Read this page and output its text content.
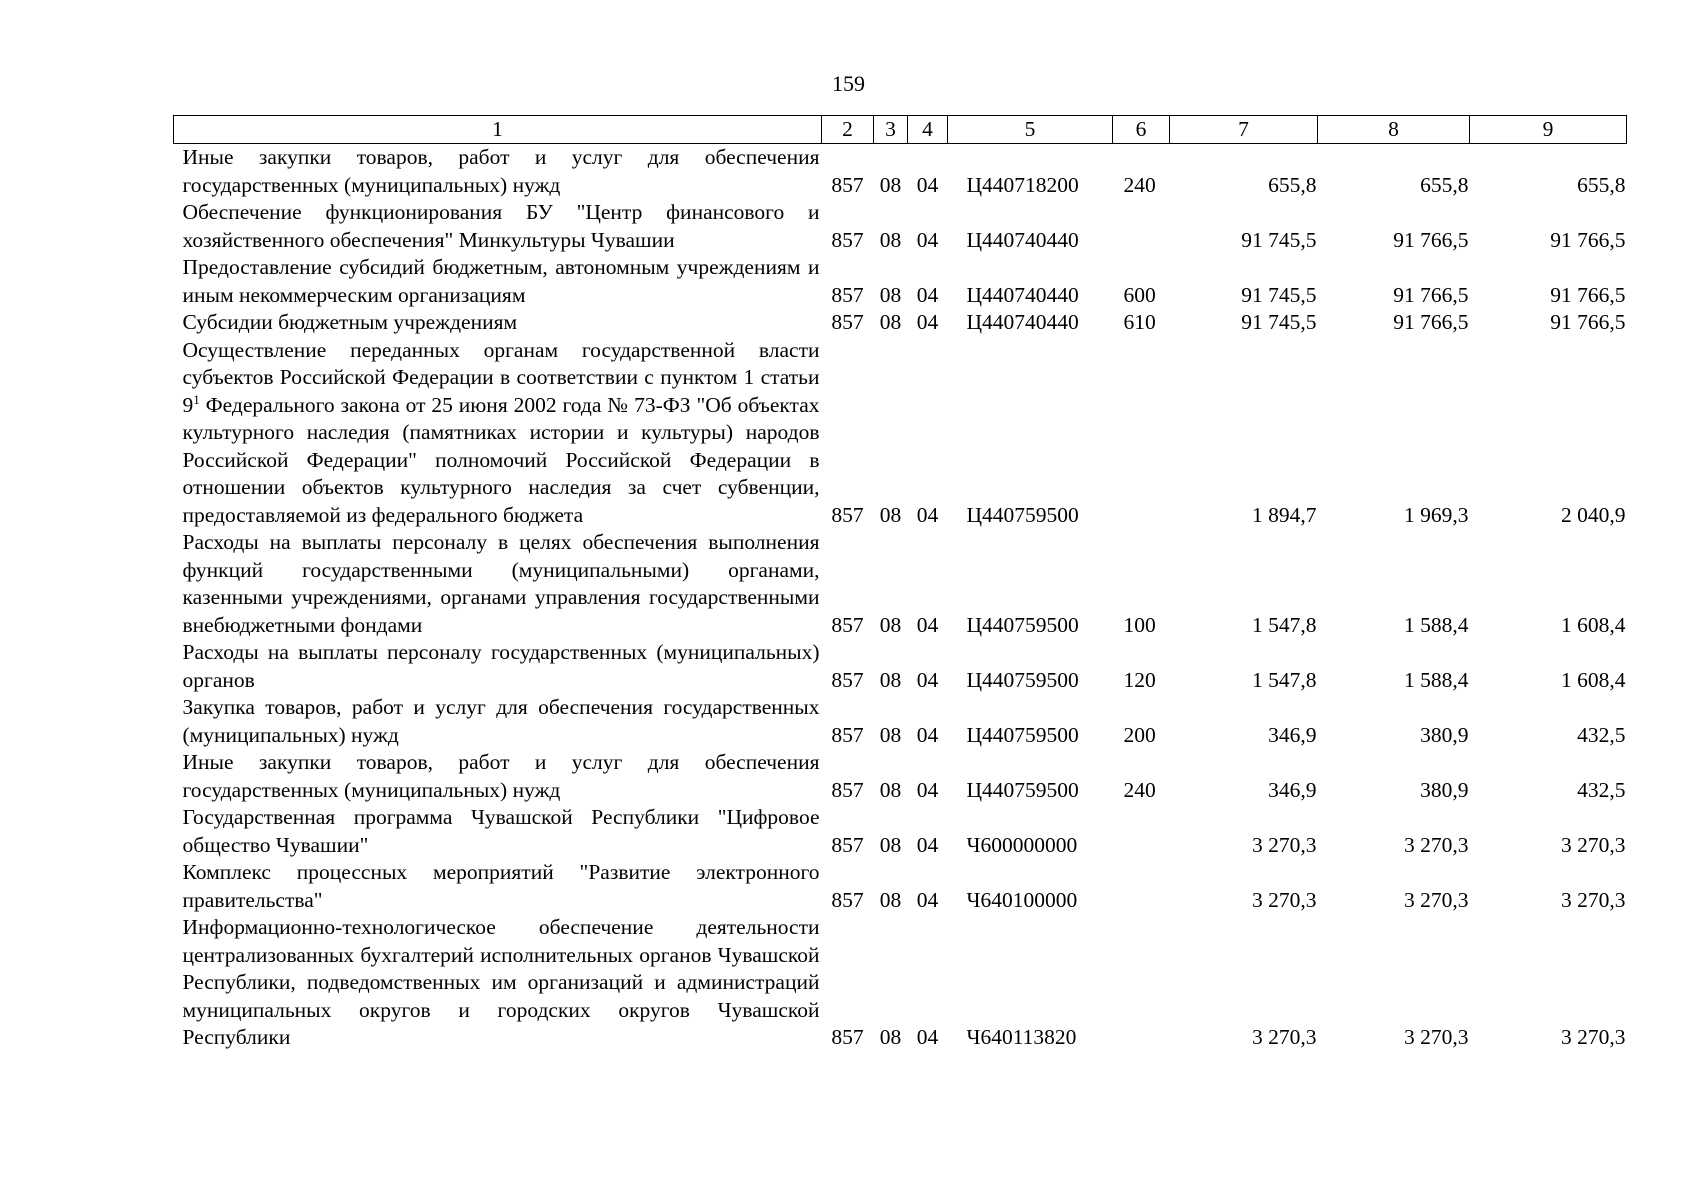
159
1	2	3	4	5	6	7	8	9
Иные закупки товаров, работ и услуг для обеспечения государственных (муниципальных) нужд	857	08	04	Ц440718200	240	655,8	655,8	655,8
Обеспечение функционирования БУ "Центр финансового и хозяйственного обеспечения" Минкультуры Чувашии	857	08	04	Ц440740440		91 745,5	91 766,5	91 766,5
Предоставление субсидий бюджетным, автономным учреждениям и иным некоммерческим организациям	857	08	04	Ц440740440	600	91 745,5	91 766,5	91 766,5
Субсидии бюджетным учреждениям	857	08	04	Ц440740440	610	91 745,5	91 766,5	91 766,5
Осуществление переданных органам государственной власти субъектов Российской Федерации в соответствии с пунктом 1 статьи $9^1$ Федерального закона от 25 июня 2002 года № 73-ФЗ "Об объектах культурного наследия (памятниках истории и культуры) народов Российской Федерации" полномочий Российской Федерации в отношении объектов культурного наследия за счет субвенции, предоставляемой из федерального бюджета	857	08	04	Ц440759500		1 894,7	1 969,3	2 040,9
Расходы на выплаты персоналу в целях обеспечения выполнения функций государственными (муниципальными) органами, казенными учреждениями, органами управления государственными внебюджетными фондами	857	08	04	Ц440759500	100	1 547,8	1 588,4	1 608,4
Расходы на выплаты персоналу государственных (муниципальных) органов	857	08	04	Ц440759500	120	1 547,8	1 588,4	1 608,4
Закупка товаров, работ и услуг для обеспечения государственных (муниципальных) нужд	857	08	04	Ц440759500	200	346,9	380,9	432,5
Иные закупки товаров, работ и услуг для обеспечения государственных (муниципальных) нужд	857	08	04	Ц440759500	240	346,9	380,9	432,5
Государственная программа Чувашской Республики "Цифровое общество Чувашии"	857	08	04	Ч600000000		3 270,3	3 270,3	3 270,3
Комплекс процессных мероприятий "Развитие электронного правительства"	857	08	04	Ч640100000		3 270,3	3 270,3	3 270,3
Информационно-технологическое обеспечение деятельности централизованных бухгалтерий исполнительных органов Чувашской Республики, подведомственных им организаций и администраций муниципальных округов и городских округов Чувашской Республики	857	08	04	Ч640113820		3 270,3	3 270,3	3 270,3
